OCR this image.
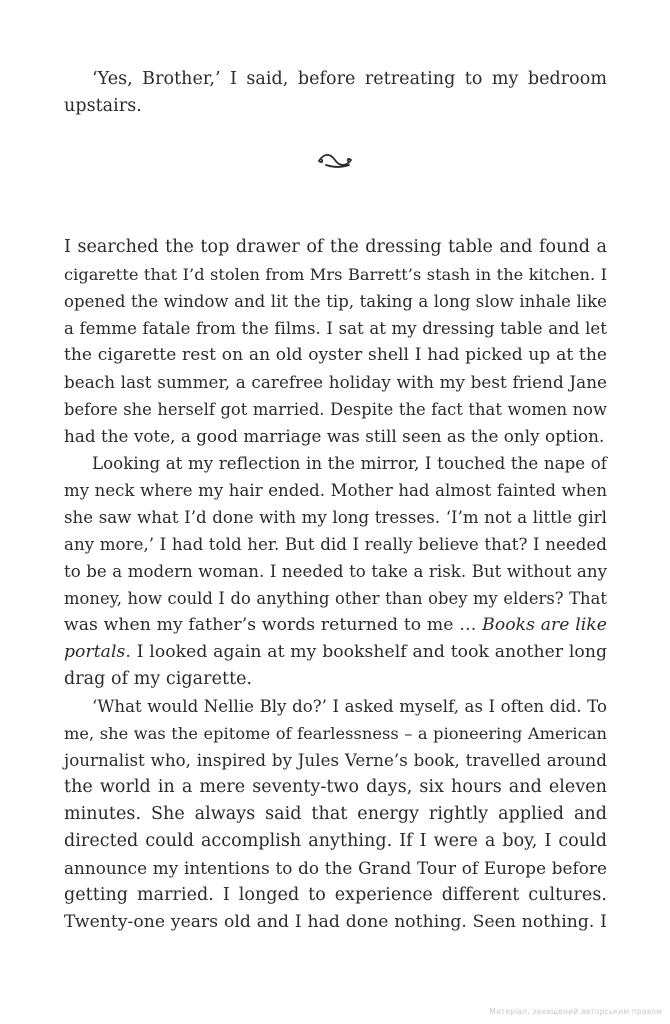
‘Yes, Brother,’ I said, before retreating to my bedroom
upstairs.
I searched the top drawer of the dressing table and found a
cigarette that I’d stolen from Mrs Barrett’s stash in the kitchen. I
opened the window and lit the tip, taking a long slow inhale like
a femme fatale from the films. I sat at my dressing table and let
the cigarette rest on an old oyster shell I had picked up at the
beach last summer, a carefree holiday with my best friend Jane
before she herself got married. Despite the fact that women now
had the vote, a good marriage was still seen as the only option.
Looking at my reflection in the mirror, I touched the nape of
my neck where my hair ended. Mother had almost fainted when
she saw what I’d done with my long tresses. ‘I’m not a little girl
any more,’ I had told her. But did I really believe that? I needed
to be a modern woman. I needed to take a risk. But without any
money, how could I do anything other than obey my elders? That
was when my father’s words returned to me … Books are like
portals. I looked again at my bookshelf and took another long
drag of my cigarette.
‘What would Nellie Bly do?’ I asked myself, as I often did. To
me, she was the epitome of fearlessness – a pioneering American
journalist who, inspired by Jules Verne’s book, travelled around
the world in a mere seventy-two days, six hours and eleven
minutes. She always said that energy rightly applied and
directed could accomplish anything. If I were a boy, I could
announce my intentions to do the Grand Tour of Europe before
getting married. I longed to experience different cultures.
Twenty-one years old and I had done nothing. Seen nothing. I
Матеріал, захищений авторським правом
